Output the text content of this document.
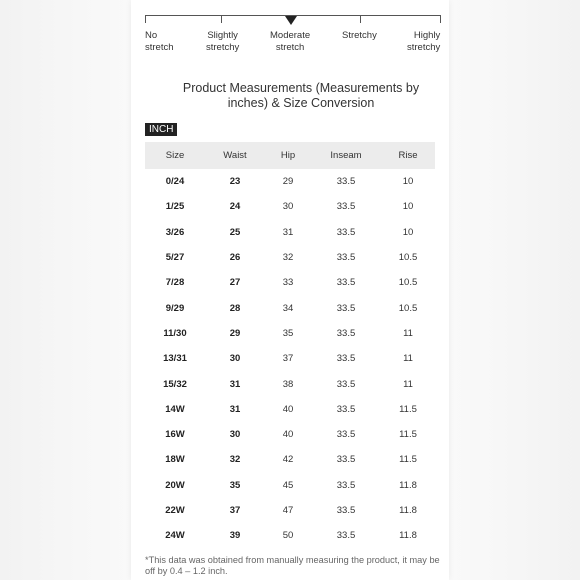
No
stretch
Slightly
stretchy
Moderate
stretch
Stretchy	Highly
stretchy
Product Measurements (Measurements by inches) & Size Conversion
INCH
Size	Waist	Hip	Inseam	Rise
0/24	23	29	33.5	10
1/25	24	30	33.5	10
3/26	25	31	33.5	10
5/27	26	32	33.5	10.5
7/28	27	33	33.5	10.5
9/29	28	34	33.5	10.5
11/30	29	35	33.5	11
13/31	30	37	33.5	11
15/32	31	38	33.5	11
14W	31	40	33.5	11.5
16W	30	40	33.5	11.5
18W	32	42	33.5	11.5
20W	35	45	33.5	11.8
22W	37	47	33.5	11.8
24W	39	50	33.5	11.8
*This data was obtained from manually measuring the product, it may be off by 0.4 – 1.2 inch.
